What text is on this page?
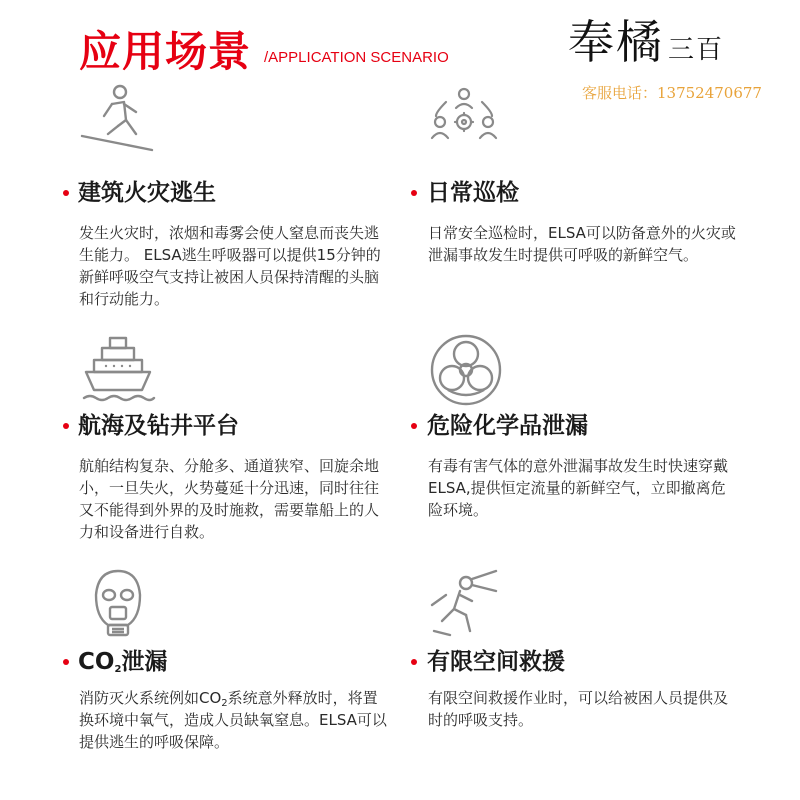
应用场景 /APPLICATION SCENARIO	奉橘 三百
客服电话：13752470677
建筑火灾逃生
发生火灾时，浓烟和毒雾会使人窒息而丧失逃生能力。 ELSA逃生呼吸器可以提供15分钟的新鲜呼吸空气支持让被困人员保持清醒的头脑和行动能力。
日常巡检
日常安全巡检时，ELSA可以防备意外的火灾或泄漏事故发生时提供可呼吸的新鲜空气。
航海及钻井平台
航舶结构复杂、分舱多、通道狭窄、回旋余地小，一旦失火，火势蔓延十分迅速，同时往往又不能得到外界的及时施救，需要靠船上的人力和设备进行自救。
危险化学品泄漏
有毒有害气体的意外泄漏事故发生时快速穿戴ELSA,提供恒定流量的新鲜空气，立即撤离危险环境。
$CO_2$泄漏
消防灭火系统例如$CO_2$系统意外释放时，将置换环境中氧气，造成人员缺氧窒息。ELSA可以提供逃生的呼吸保障。
有限空间救援
有限空间救援作业时，可以给被困人员提供及时的呼吸支持。
